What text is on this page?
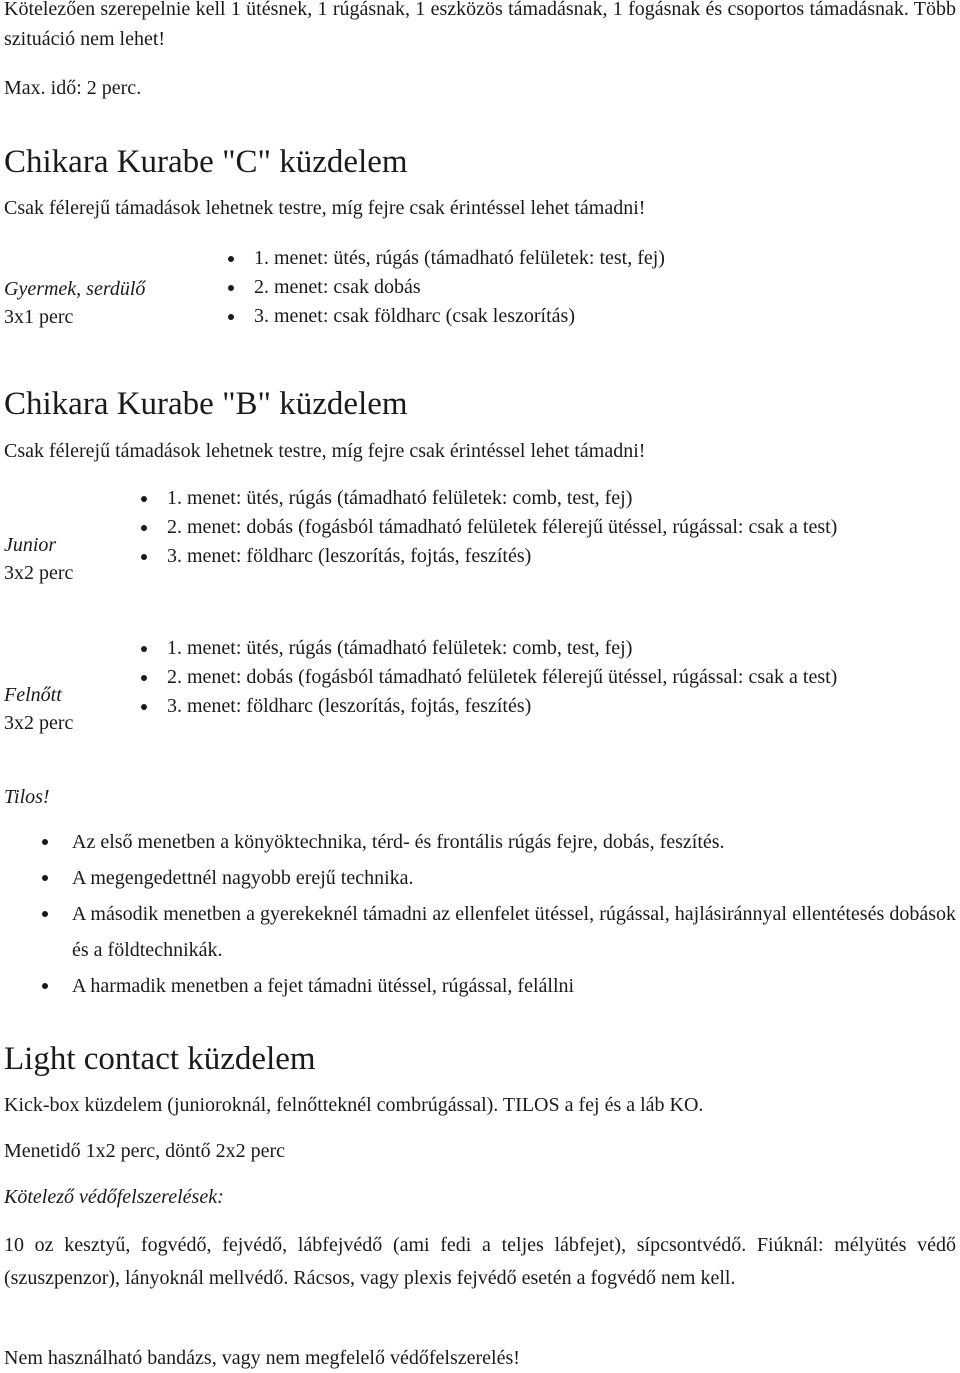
Kötelezően szerepelnie kell 1 ütésnek, 1 rúgásnak, 1 eszközös támadásnak, 1 fogásnak és csoportos támadásnak. Több szituáció nem lehet!
Max. idő: 2 perc.
Chikara Kurabe "C" küzdelem
Csak félerejű támadások lehetnek testre, míg fejre csak érintéssel lehet támadni!
Gyermek, serdülő
3x1 perc
1. menet: ütés, rúgás (támadható felületek: test, fej)
2. menet: csak dobás
3. menet: csak földharc (csak leszorítás)
Chikara Kurabe "B" küzdelem
Csak félerejű támadások lehetnek testre, míg fejre csak érintéssel lehet támadni!
Junior
3x2 perc
1. menet: ütés, rúgás (támadható felületek: comb, test, fej)
2. menet: dobás (fogásból támadható felületek félerejű ütéssel, rúgással: csak a test)
3. menet: földharc (leszorítás, fojtás, feszítés)
Felnőtt
3x2 perc
1. menet: ütés, rúgás (támadható felületek: comb, test, fej)
2. menet: dobás (fogásból támadható felületek félerejű ütéssel, rúgással: csak a test)
3. menet: földharc (leszorítás, fojtás, feszítés)
Tilos!
Az első menetben a könyöktechnika, térd- és frontális rúgás fejre, dobás, feszítés.
A megengedettnél nagyobb erejű technika.
A második menetben a gyerekeknél támadni az ellenfelet ütéssel, rúgással, hajlásiránnyal ellentétesés dobások és a földtechnikák.
A harmadik menetben a fejet támadni ütéssel, rúgással, felállni
Light contact küzdelem
Kick-box küzdelem (junioroknál, felnőtteknél combrúgással). TILOS a fej és a láb KO.
Menetidő 1x2 perc, döntő 2x2 perc
Kötelező védőfelszerelések:
10 oz kesztyű, fogvédő, fejvédő, lábfejvédő (ami fedi a teljes lábfejet), sípcsontvédő. Fiúknál: mélyütés védő (szuszpenzor), lányoknál mellvédő. Rácsos, vagy plexis fejvédő esetén a fogvédő nem kell.
Nem használható bandázs, vagy nem megfelelő védőfelszerelés!
